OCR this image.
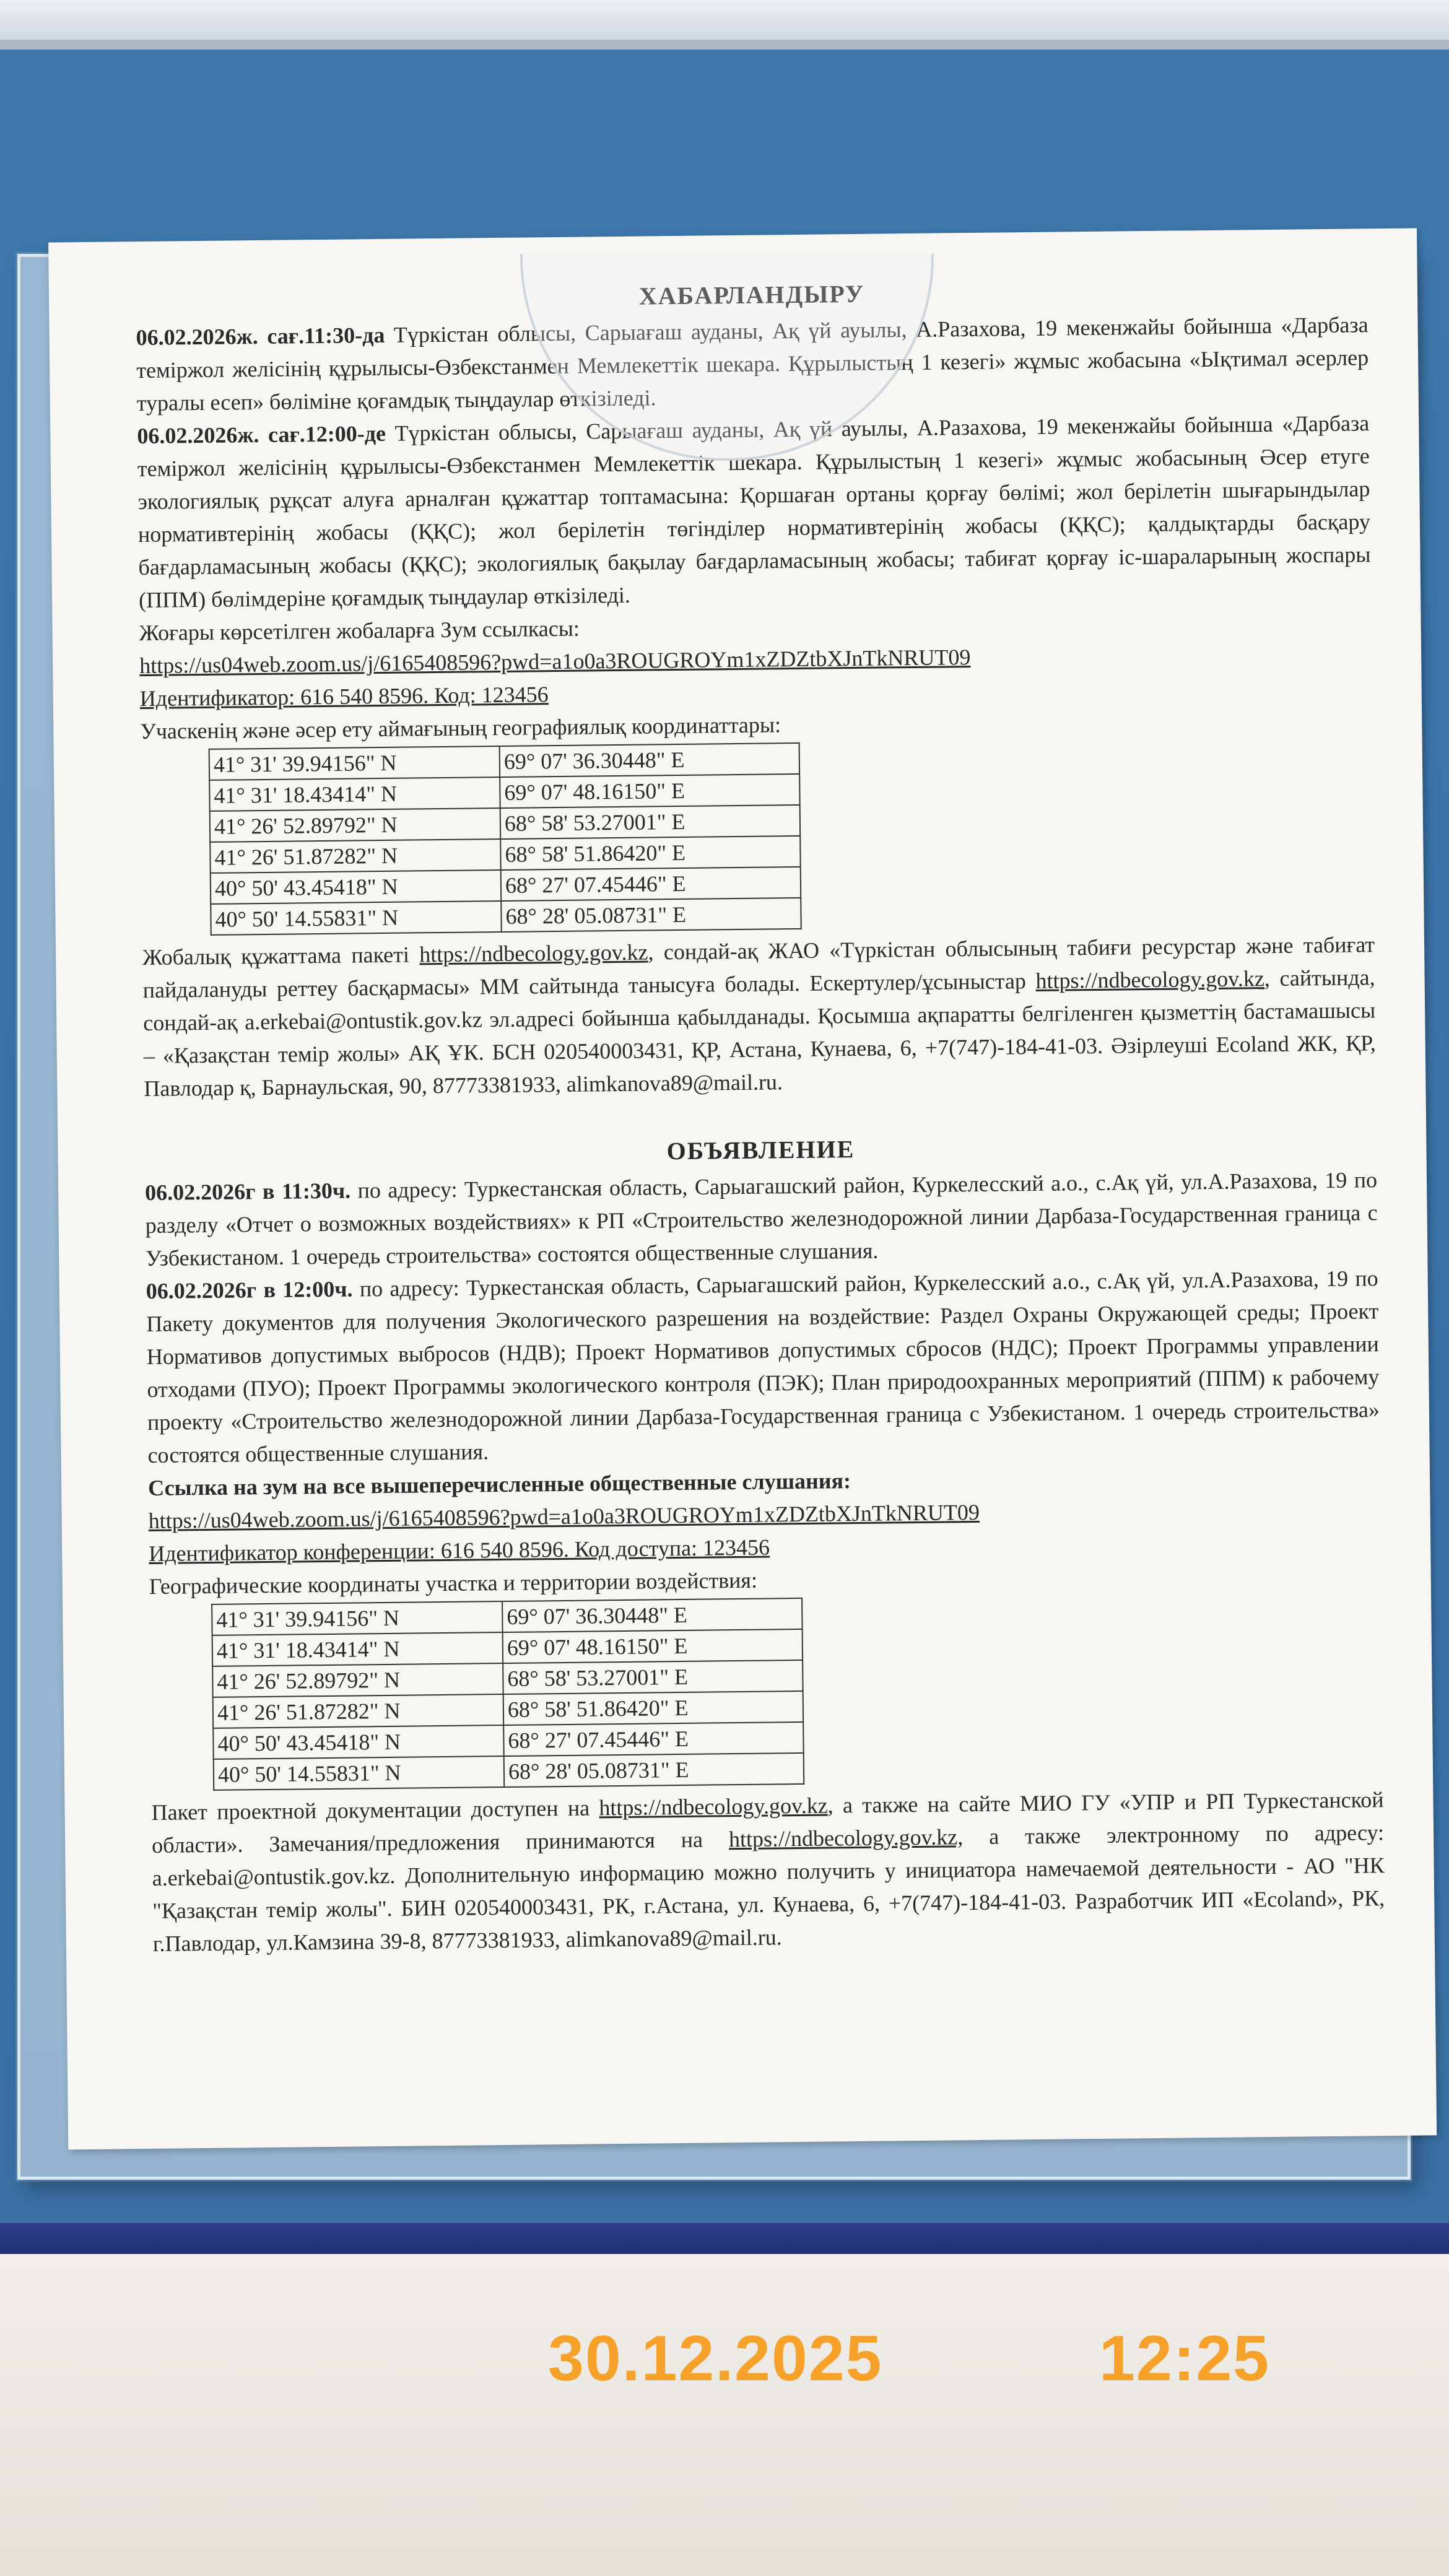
ХАБАРЛАНДЫРУ

06.02.2026ж. сағ.11:30-да Түркістан облысы, Сарыағаш ауданы, Ақ үй ауылы, А.Разахова, 19 мекенжайы бойынша «Дарбаза теміржол желісінің құрылысы-Өзбекстанмен Мемлекеттік шекара. Құрылыстың 1 кезегі» жұмыс жобасына «Ықтимал әсерлер туралы есеп» бөліміне қоғамдық тыңдаулар өткізіледі.

06.02.2026ж. сағ.12:00-де Түркістан облысы, Сарыағаш ауданы, Ақ үй ауылы, А.Разахова, 19 мекенжайы бойынша «Дарбаза теміржол желісінің құрылысы-Өзбекстанмен Мемлекеттік шекара. Құрылыстың 1 кезегі» жұмыс жобасының Әсер етуге экологиялық рұқсат алуға арналған құжаттар топтамасына: Қоршаған ортаны қорғау бөлімі; жол берілетін шығарындылар нормативтерінің жобасы (ҚҚС); жол берілетін төгінділер нормативтерінің жобасы (ҚҚС); қалдықтарды басқару бағдарламасының жобасы (ҚҚС); экологиялық бақылау бағдарламасының жобасы; табиғат қорғау іс-шараларының жоспары (ППМ) бөлімдеріне қоғамдық тыңдаулар өткізіледі.

Жоғары көрсетілген жобаларға Зум ссылкасы:

https://us04web.zoom.us/j/6165408596?pwd=a1o0a3ROUGROYm1xZDZtbXJnTkNRUT09

Идентификатор: 616 540 8596. Код: 123456

Учаскенің және әсер ету аймағының географиялық координаттары:

41° 31' 39.94156" N	69° 07' 36.30448" E
41° 31' 18.43414" N	69° 07' 48.16150" E
41° 26' 52.89792" N	68° 58' 53.27001" E
41° 26' 51.87282" N	68° 58' 51.86420" E
40° 50' 43.45418" N	68° 27' 07.45446" E
40° 50' 14.55831" N	68° 28' 05.08731" E

Жобалық құжаттама пакеті https://ndbecology.gov.kz, сондай-ақ ЖАО «Түркістан облысының табиғи ресурстар және табиғат пайдалануды реттеу басқармасы» ММ сайтында танысуға болады. Ескертулер/ұсыныстар https://ndbecology.gov.kz, сайтында, сондай-ақ a.erkebai@ontustik.gov.kz эл.адресі бойынша қабылданады. Қосымша ақпаратты белгіленген қызметтің бастамашысы – «Қазақстан темір жолы» АҚ ҰК. БСН 020540003431, ҚР, Астана, Кунаева, 6, +7(747)-184-41-03. Әзірлеуші Ecoland ЖК, ҚР, Павлодар қ, Барнаульская, 90, 87773381933, alimkanova89@mail.ru.

ОБЪЯВЛЕНИЕ

06.02.2026г в 11:30ч. по адресу: Туркестанская область, Сарыагашский район, Куркелесский а.о., с.Ақ үй, ул.А.Разахова, 19 по разделу «Отчет о возможных воздействиях» к РП «Строительство железнодорожной линии Дарбаза-Государственная граница с Узбекистаном. 1 очередь строительства» состоятся общественные слушания.

06.02.2026г в 12:00ч. по адресу: Туркестанская область, Сарыагашский район, Куркелесский а.о., с.Ақ үй, ул.А.Разахова, 19 по Пакету документов для получения Экологического разрешения на воздействие: Раздел Охраны Окружающей среды; Проект Нормативов допустимых выбросов (НДВ); Проект Нормативов допустимых сбросов (НДС); Проект Программы управлении отходами (ПУО); Проект Программы экологического контроля (ПЭК); План природоохранных мероприятий (ППМ) к рабочему проекту «Строительство железнодорожной линии Дарбаза-Государственная граница с Узбекистаном. 1 очередь строительства» состоятся общественные слушания.

Ссылка на зум на все вышеперечисленные общественные слушания:

https://us04web.zoom.us/j/6165408596?pwd=a1o0a3ROUGROYm1xZDZtbXJnTkNRUT09

Идентификатор конференции: 616 540 8596. Код доступа: 123456

Географические координаты участка и территории воздействия:

41° 31' 39.94156" N	69° 07' 36.30448" E
41° 31' 18.43414" N	69° 07' 48.16150" E
41° 26' 52.89792" N	68° 58' 53.27001" E
41° 26' 51.87282" N	68° 58' 51.86420" E
40° 50' 43.45418" N	68° 27' 07.45446" E
40° 50' 14.55831" N	68° 28' 05.08731" E

Пакет проектной документации доступен на https://ndbecology.gov.kz, а также на сайте МИО ГУ «УПР и РП Туркестанской области». Замечания/предложения принимаются на https://ndbecology.gov.kz, а также электронному по адресу: a.erkebai@ontustik.gov.kz. Дополнительную информацию можно получить у инициатора намечаемой деятельности - АО "НК "Қазақстан темір жолы". БИН 020540003431, РК, г.Астана, ул. Кунаева, 6, +7(747)-184-41-03. Разработчик ИП «Ecoland», РК, г.Павлодар, ул.Камзина 39-8, 87773381933, alimkanova89@mail.ru.

30.12.2025	12:25
